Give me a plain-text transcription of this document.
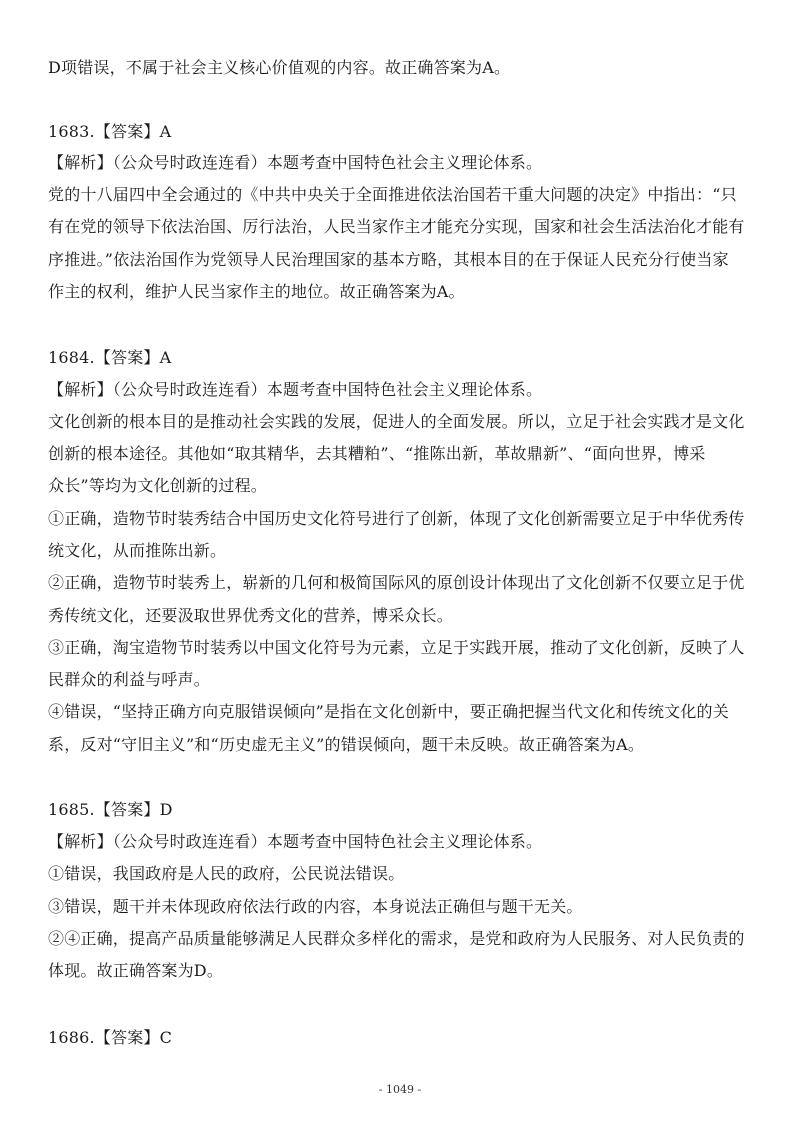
D项错误，不属于社会主义核心价值观的内容。故正确答案为A。
1683.【答案】A
【解析】（公众号时政连连看）本题考查中国特色社会主义理论体系。
党的十八届四中全会通过的《中共中央关于全面推进依法治国若干重大问题的决定》中指出：“只
有在党的领导下依法治国、厉行法治，人民当家作主才能充分实现，国家和社会生活法治化才能有
序推进。”依法治国作为党领导人民治理国家的基本方略，其根本目的在于保证人民充分行使当家
作主的权利，维护人民当家作主的地位。故正确答案为A。
1684.【答案】A
【解析】（公众号时政连连看）本题考查中国特色社会主义理论体系。
文化创新的根本目的是推动社会实践的发展，促进人的全面发展。所以，立足于社会实践才是文化
创新的根本途径。其他如“取其精华，去其糟粕”、“推陈出新，革故鼎新”、“面向世界，博采
众长”等均为文化创新的过程。
①正确，造物节时装秀结合中国历史文化符号进行了创新，体现了文化创新需要立足于中华优秀传
统文化，从而推陈出新。
②正确，造物节时装秀上，崭新的几何和极简国际风的原创设计体现出了文化创新不仅要立足于优
秀传统文化，还要汲取世界优秀文化的营养，博采众长。
③正确，淘宝造物节时装秀以中国文化符号为元素，立足于实践开展，推动了文化创新，反映了人
民群众的利益与呼声。
④错误，“坚持正确方向克服错误倾向”是指在文化创新中，要正确把握当代文化和传统文化的关
系，反对“守旧主义”和“历史虚无主义”的错误倾向，题干未反映。故正确答案为A。
1685.【答案】D
【解析】（公众号时政连连看）本题考查中国特色社会主义理论体系。
①错误，我国政府是人民的政府，公民说法错误。
③错误，题干并未体现政府依法行政的内容，本身说法正确但与题干无关。
②④正确，提高产品质量能够满足人民群众多样化的需求，是党和政府为人民服务、对人民负责的
体现。故正确答案为D。
1686.【答案】C
- 1049 -
